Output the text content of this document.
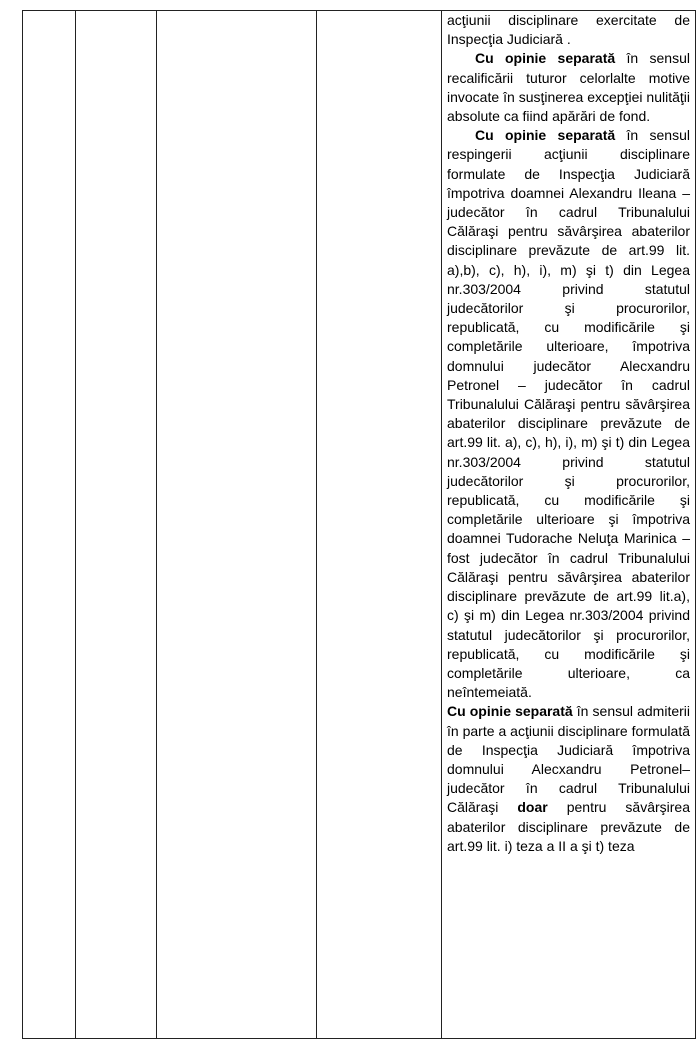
acţiunii disciplinare exercitate de Inspecţia Judiciară .

Cu opinie separată în sensul recalificării tuturor celorlalte motive invocate în susţinerea excepţiei nulităţii absolute ca fiind apărări de fond.

Cu opinie separată în sensul respingerii acţiunii disciplinare formulate de Inspecţia Judiciară împotriva doamnei Alexandru Ileana – judecător în cadrul Tribunalului Călăraşi pentru săvârşirea abaterilor disciplinare prevăzute de art.99 lit. a),b), c), h), i), m) şi t) din Legea nr.303/2004 privind statutul judecătorilor şi procurorilor, republicată, cu modificările şi completările ulterioare, împotriva domnului judecător Alecxandru Petronel – judecător în cadrul Tribunalului Călăraşi pentru săvârşirea abaterilor disciplinare prevăzute de art.99 lit. a), c), h), i), m) şi t) din Legea nr.303/2004 privind statutul judecătorilor şi procurorilor, republicată, cu modificările şi completările ulterioare şi împotriva doamnei Tudorache Neluţa Marinica – fost judecător în cadrul Tribunalului Călăraşi pentru săvârşirea abaterilor disciplinare prevăzute de art.99 lit.a), c) şi m) din Legea nr.303/2004 privind statutul judecătorilor şi procurorilor, republicată, cu modificările şi completările ulterioare, ca neîntemeiată.

Cu opinie separată în sensul admiterii în parte a acţiunii disciplinare formulată de Inspecţia Judiciară împotriva domnului Alecxandru Petronel– judecător în cadrul Tribunalului Călăraşi doar pentru săvârşirea abaterilor disciplinare prevăzute de art.99 lit. i) teza a II a şi t) teza
